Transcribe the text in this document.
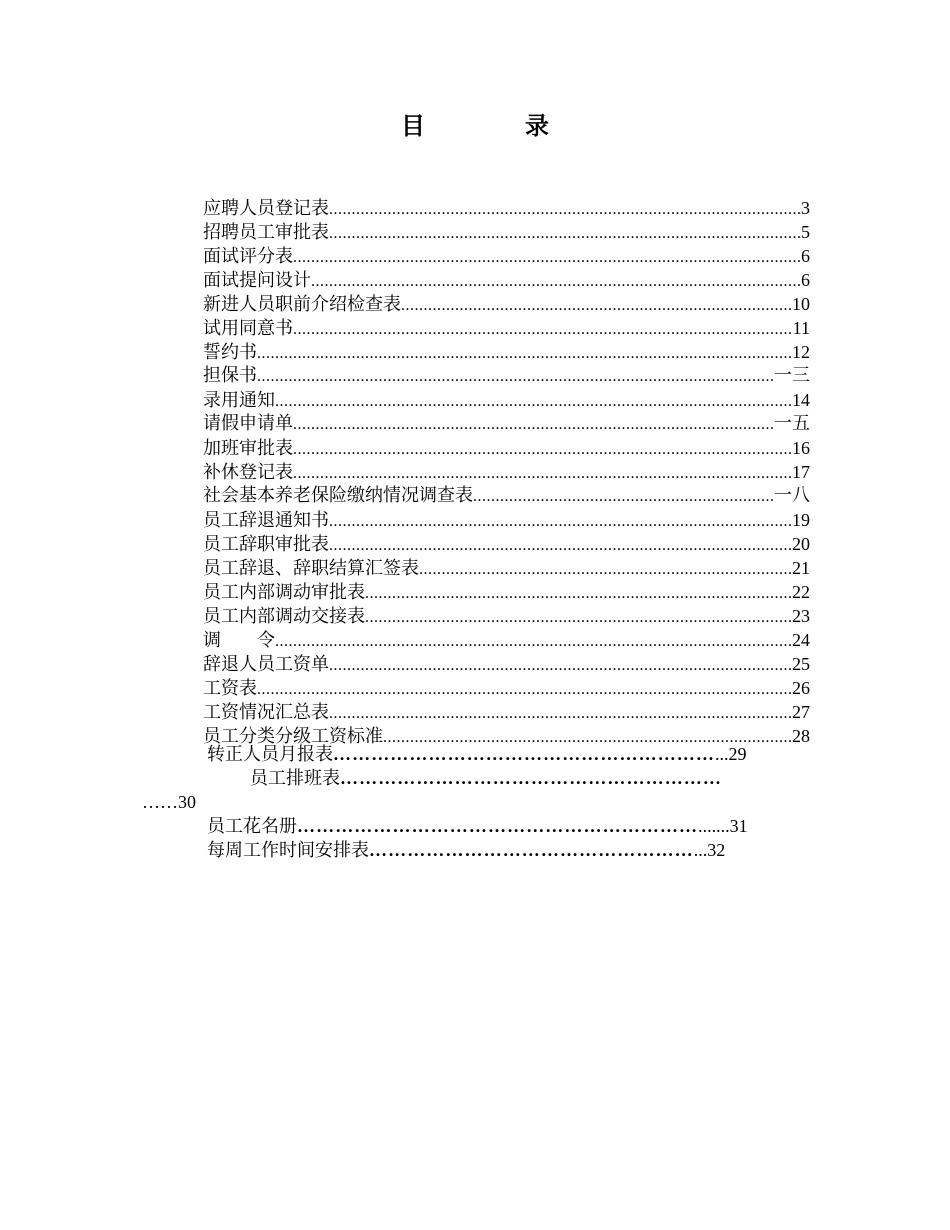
目　录
应聘人员登记表 .....	3
招聘员工审批表 .....	5
面试评分表 .....	6
面试提问设计 .....	6
新进人员职前介绍检查表 .....	10
试用同意书 .....	11
誓约书 .....	12
担保书 .....	一三
录用通知 .....	14
请假申请单 .....	一五
加班审批表 .....	16
补休登记表 .....	17
社会基本养老保险缴纳情况调查表 .....	一八
员工辞退通知书 .....	19
员工辞职审批表 .....	20
员工辞退、辞职结算汇签表 .....	21
员工内部调动审批表 .....	22
员工内部调动交接表 .....	23
调　　令 .....	24
辞退人员工资单 .....	25
工资表 .....	26
工资情况汇总表 .....	27
员工分类分级工资标准 .....	28
转正人员月报表……………………………………………………...29
员工排班表……………………………………………………
……30
员工花名册……………………………………………………….......31
每周工作时间安排表……………………………………………...32
